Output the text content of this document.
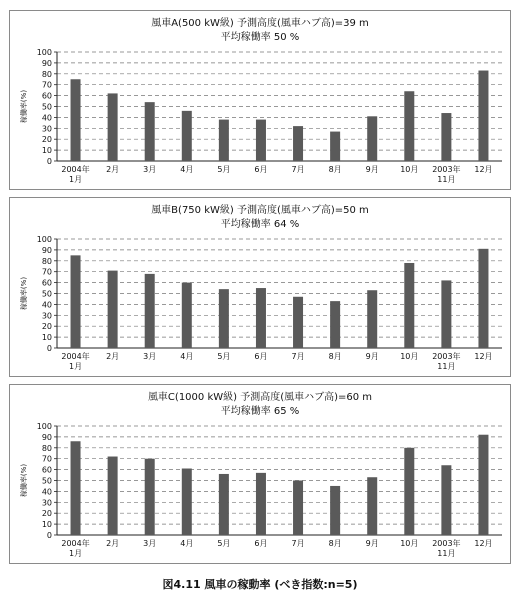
風車A(500 kW級) 予測高度(風車ハブ高)=39 m
平均稼働率 50 %
0
10
20
30
40
50
60
70
80
90
100
稼働率(%)
2004年 1月
2月	3月	4月	5月	6月	7月	8月	9月	10月 2003年 11月
12月
風車B(750 kW級) 予測高度(風車ハブ高)=50 m
平均稼働率 64 %
0
10
20
30
40
50
60
70
80
90
100
稼働率(%)
2004年 1月
2月	3月	4月	5月	6月	7月	8月	9月	10月 2003年 11月
12月
風車C(1000 kW級) 予測高度(風車ハブ高)=60 m
平均稼働率 65 %
0
10
20
30
40
50
60
70
80
90
100
稼働率(%)
2004年 1月
2月	3月	4月	5月	6月	7月	8月	9月	10月 2003年 11月
12月
図4.11 風車の稼動率 (べき指数:n=5)
